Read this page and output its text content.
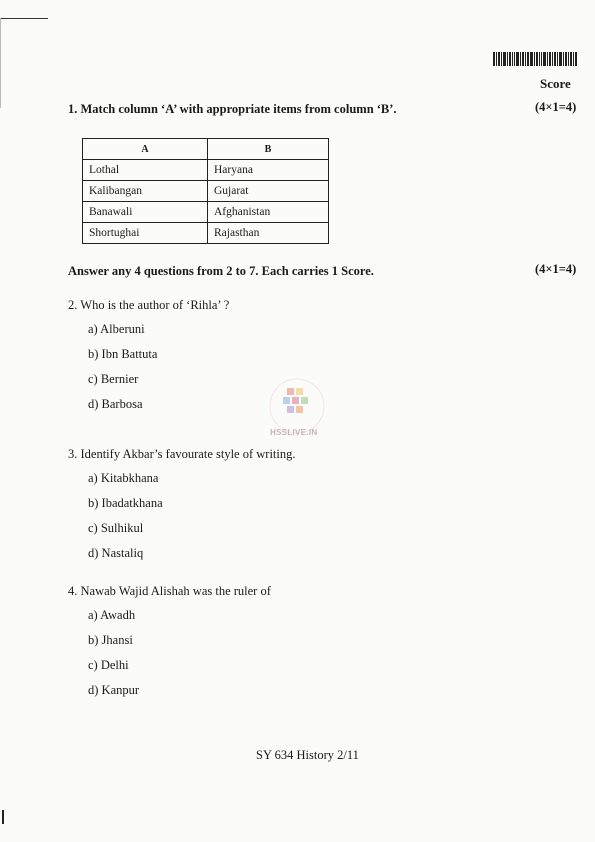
Score
1. Match column ‘A’ with appropriate items from column ‘B’.	(4×1=4)
A	B
Lothal	Haryana
Kalibangan	Gujarat
Banawali	Afghanistan
Shortughai	Rajasthan
Answer any 4 questions from 2 to 7. Each carries 1 Score.	(4×1=4)
2. Who is the author of ‘Rihla’ ?
a) Alberuni
b) Ibn Battuta
c) Bernier
d) Barbosa
HSSLIVE.IN
3. Identify Akbar’s favourate style of writing.
a) Kitabkhana
b) Ibadatkhana
c) Sulhikul
d) Nastaliq
4. Nawab Wajid Alishah was the ruler of
a) Awadh
b) Jhansi
c) Delhi
d) Kanpur
SY 634 History 2/11
